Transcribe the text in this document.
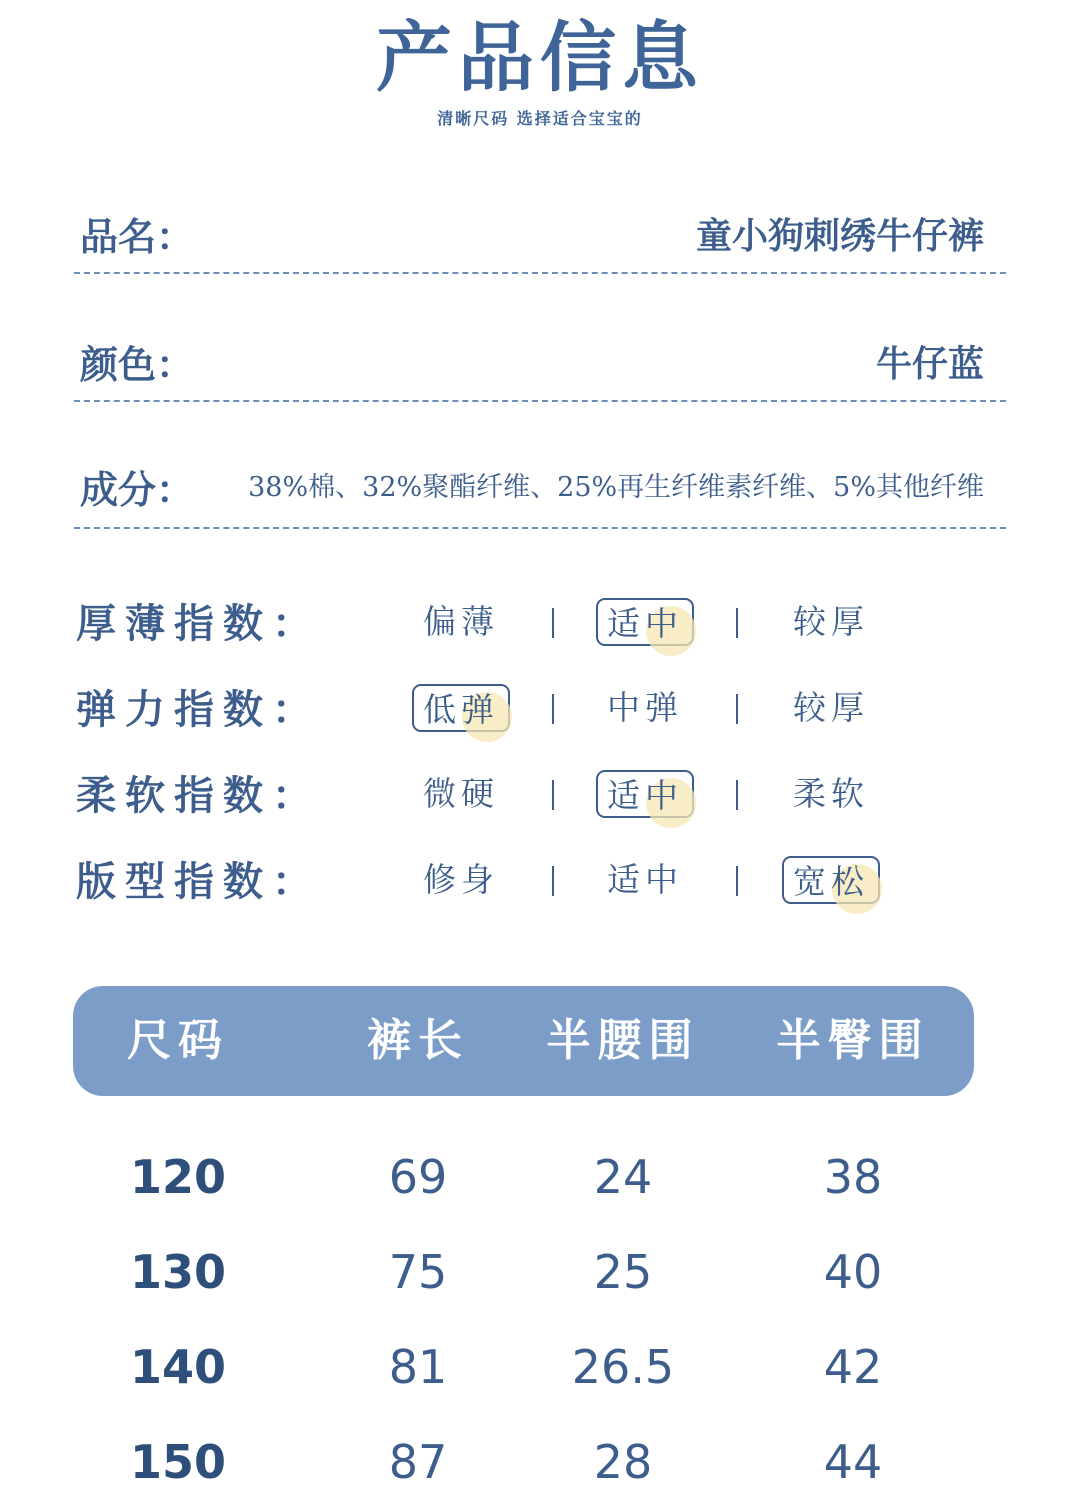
产品信息
清晰尺码 选择适合宝宝的
品名：	童小狗刺绣牛仔裤
颜色：	牛仔蓝
成分： 38%棉、32%聚酯纤维、25%再生纤维素纤维、5%其他纤维
厚薄指数：	偏薄	适中	较厚
弹力指数：	低弹	中弹	较厚
柔软指数：	微硬	适中	柔软
版型指数：	修身	适中	宽松
尺码	裤长	半腰围	半臀围
120	69	24	38
130	75	25	40
140	81	26.5	42
150	87	28	44
